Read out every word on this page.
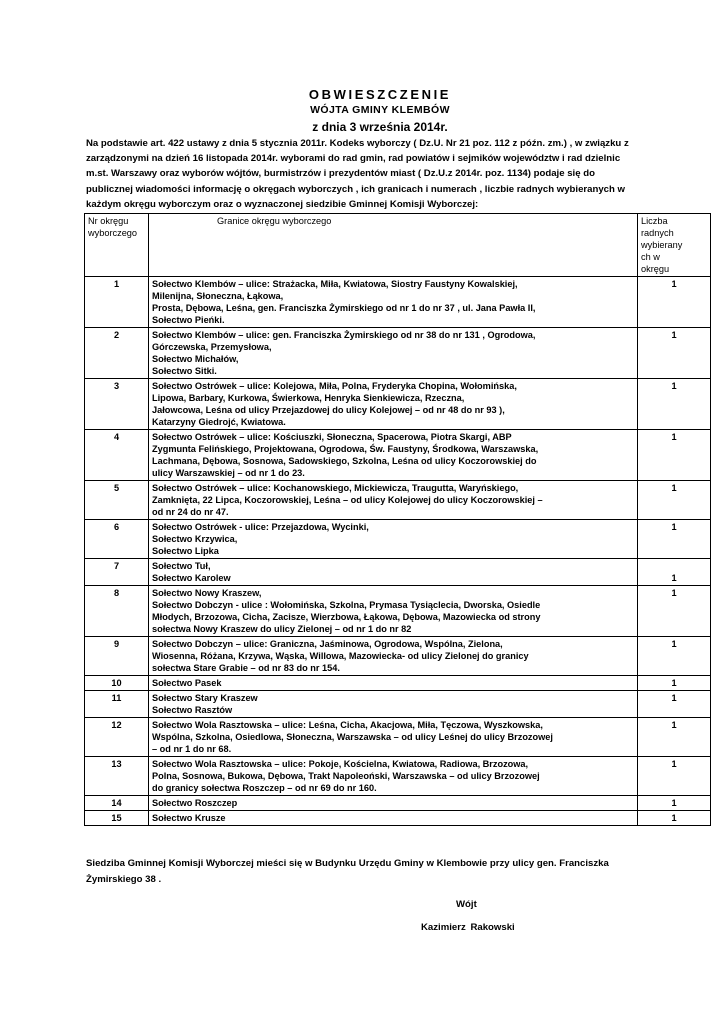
OBWIESZCZENIE
WÓJTA GMINY KLEMBÓW
z dnia 3 września 2014r.
Na podstawie art. 422 ustawy z dnia 5 stycznia 2011r. Kodeks wyborczy ( Dz.U. Nr 21 poz. 112 z późn. zm.) , w związku z
zarządzonymi na dzień 16 listopada 2014r. wyborami do rad gmin, rad powiatów i sejmików województw i rad dzielnic
m.st. Warszawy oraz wyborów wójtów, burmistrzów i prezydentów miast ( Dz.U.z 2014r. poz. 1134) podaje się do
publicznej wiadomości informację o okręgach wyborczych , ich granicach i numerach , liczbie radnych wybieranych w
każdym okręgu wyborczym oraz o wyznaczonej siedzibie Gminnej Komisji Wyborczej:
Nr okręgu
wyborczego	Granice okręgu wyborczego	Liczba
radnych
wybierany
ch w
okręgu
1	Sołectwo Klembów – ulice: Strażacka, Miła, Kwiatowa, Siostry Faustyny Kowalskiej,
Milenijna, Słoneczna, Łąkowa,
Prosta, Dębowa, Leśna, gen. Franciszka Żymirskiego od nr 1 do nr 37 , ul. Jana Pawła II,
Sołectwo Pieńki.	1
2	Sołectwo Klembów – ulice: gen. Franciszka Żymirskiego od nr 38 do nr 131 , Ogrodowa,
Górczewska, Przemysłowa,
Sołectwo Michałów,
Sołectwo Sitki.	1
3	Sołectwo Ostrówek – ulice: Kolejowa, Miła, Polna, Fryderyka Chopina, Wołomińska,
Lipowa, Barbary, Kurkowa, Świerkowa, Henryka Sienkiewicza, Rzeczna,
Jałowcowa, Leśna od ulicy Przejazdowej do ulicy Kolejowej – od nr 48 do nr 93 ),
Katarzyny Giedrojć, Kwiatowa.	1
4	Sołectwo Ostrówek – ulice: Kościuszki, Słoneczna, Spacerowa, Piotra Skargi, ABP
Zygmunta Felińskiego, Projektowana, Ogrodowa, Św. Faustyny, Środkowa, Warszawska,
Lachmana, Dębowa, Sosnowa, Sadowskiego, Szkolna, Leśna od ulicy Koczorowskiej do
ulicy Warszawskiej – od nr 1 do 23.	1
5	Sołectwo Ostrówek – ulice: Kochanowskiego, Mickiewicza, Traugutta, Waryńskiego,
Zamknięta, 22 Lipca, Koczorowskiej, Leśna – od ulicy Kolejowej do ulicy Koczorowskiej –
od nr 24 do nr 47.	1
6	Sołectwo Ostrówek - ulice: Przejazdowa, Wycinki,
Sołectwo Krzywica,
Sołectwo Lipka	1
7	Sołectwo Tuł,
Sołectwo Karolew	1
8	Sołectwo Nowy Kraszew,
Sołectwo Dobczyn - ulice : Wołomińska, Szkolna, Prymasa Tysiąclecia, Dworska, Osiedle
Młodych, Brzozowa, Cicha, Zacisze, Wierzbowa, Łąkowa, Dębowa, Mazowiecka od strony
sołectwa Nowy Kraszew do ulicy Zielonej – od nr 1 do nr 82	1
9	Sołectwo Dobczyn – ulice: Graniczna, Jaśminowa, Ogrodowa, Wspólna, Zielona,
Wiosenna, Różana, Krzywa, Wąska, Willowa, Mazowiecka- od ulicy Zielonej do granicy
sołectwa Stare Grabie – od nr 83 do nr 154.	1
10	Sołectwo Pasek	1
11	Sołectwo Stary Kraszew
Sołectwo Rasztów	1
12	Sołectwo Wola Rasztowska – ulice: Leśna, Cicha, Akacjowa, Miła, Tęczowa, Wyszkowska,
Wspólna, Szkolna, Osiedlowa, Słoneczna, Warszawska – od ulicy Leśnej do ulicy Brzozowej
– od nr 1 do nr 68.	1
13	Sołectwo Wola Rasztowska – ulice: Pokoje, Kościelna, Kwiatowa, Radiowa, Brzozowa,
Polna, Sosnowa, Bukowa, Dębowa, Trakt Napoleoński, Warszawska – od ulicy Brzozowej
do granicy sołectwa Roszczep – od nr 69 do nr 160.	1
14	Sołectwo Roszczep	1
15	Sołectwo Krusze	1
Siedziba Gminnej Komisji Wyborczej mieści się w Budynku Urzędu Gminy w Klembowie przy ulicy gen. Franciszka Żymirskiego 38 .
Wójt
Kazimierz Rakowski
